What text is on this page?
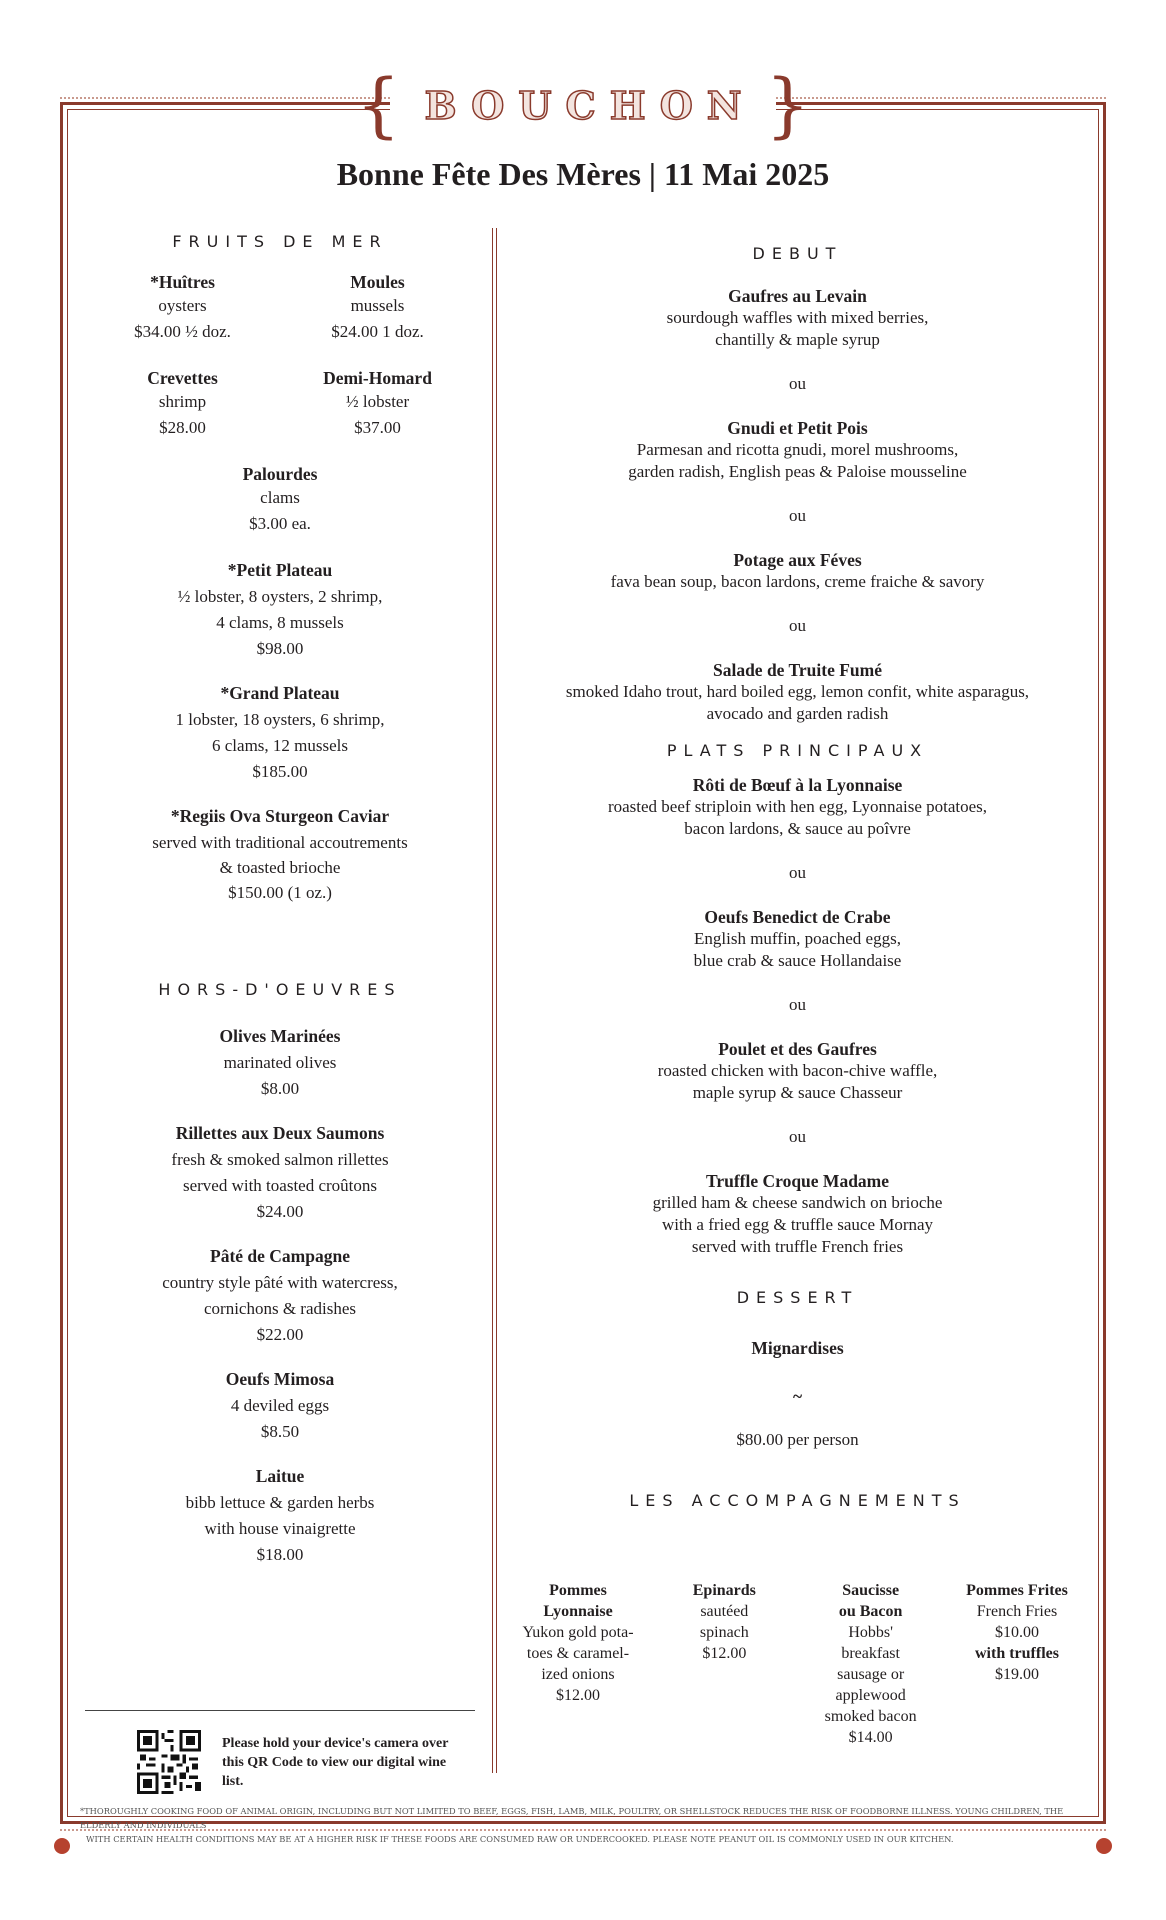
{ BOUCHON }
Bonne Fête Des Mères | 11 Mai 2025
FRUITS DE MER
*Huîtres
oysters
$34.00 ½ doz.
Moules
mussels
$24.00 1 doz.
Crevettes
shrimp
$28.00
Demi-Homard
½ lobster
$37.00
Palourdes
clams
$3.00 ea.
*Petit Plateau
½ lobster, 8 oysters, 2 shrimp,
4 clams, 8 mussels
$98.00
*Grand Plateau
1 lobster, 18 oysters, 6 shrimp,
6 clams, 12 mussels
$185.00
*Regiis Ova Sturgeon Caviar
served with traditional accoutrements
& toasted brioche
$150.00 (1 oz.)
HORS-D'OEUVRES
Olives Marinées
marinated olives
$8.00
Rillettes aux Deux Saumons
fresh & smoked salmon rillettes
served with toasted croûtons
$24.00
Pâté de Campagne
country style pâté with watercress,
cornichons & radishes
$22.00
Oeufs Mimosa
4 deviled eggs
$8.50
Laitue
bibb lettuce & garden herbs
with house vinaigrette
$18.00
Please hold your device's camera over this QR Code to view our digital wine list.
DEBUT
Gaufres au Levain
sourdough waffles with mixed berries,
chantilly & maple syrup
ou
Gnudi et Petit Pois
Parmesan and ricotta gnudi, morel mushrooms,
garden radish, English peas & Paloise mousseline
ou
Potage aux Féves
fava bean soup, bacon lardons, creme fraiche & savory
ou
Salade de Truite Fumé
smoked Idaho trout, hard boiled egg, lemon confit, white asparagus,
avocado and garden radish
PLATS PRINCIPAUX
Rôti de Bœuf à la Lyonnaise
roasted beef striploin with hen egg, Lyonnaise potatoes,
bacon lardons, & sauce au poîvre
ou
Oeufs Benedict de Crabe
English muffin, poached eggs,
blue crab & sauce Hollandaise
ou
Poulet et des Gaufres
roasted chicken with bacon-chive waffle,
maple syrup & sauce Chasseur
ou
Truffle Croque Madame
grilled ham & cheese sandwich on brioche
with a fried egg & truffle sauce Mornay
served with truffle French fries
DESSERT
Mignardises
~
$80.00 per person
LES ACCOMPAGNEMENTS
Pommes
Lyonnaise
Yukon gold pota-
toes & caramel-
ized onions
$12.00
Epinards
sautéed
spinach
$12.00
Saucisse
ou Bacon
Hobbs'
breakfast
sausage or
applewood
smoked bacon
$14.00
Pommes Frites
French Fries
$10.00
with truffles
$19.00
*THOROUGHLY COOKING FOOD OF ANIMAL ORIGIN, INCLUDING BUT NOT LIMITED TO BEEF, EGGS, FISH, LAMB, MILK, POULTRY, OR SHELLSTOCK REDUCES THE RISK OF FOODBORNE ILLNESS. YOUNG CHILDREN, THE ELDERLY AND INDIVIDUALS
WITH CERTAIN HEALTH CONDITIONS MAY BE AT A HIGHER RISK IF THESE FOODS ARE CONSUMED RAW OR UNDERCOOKED. PLEASE NOTE PEANUT OIL IS COMMONLY USED IN OUR KITCHEN.
